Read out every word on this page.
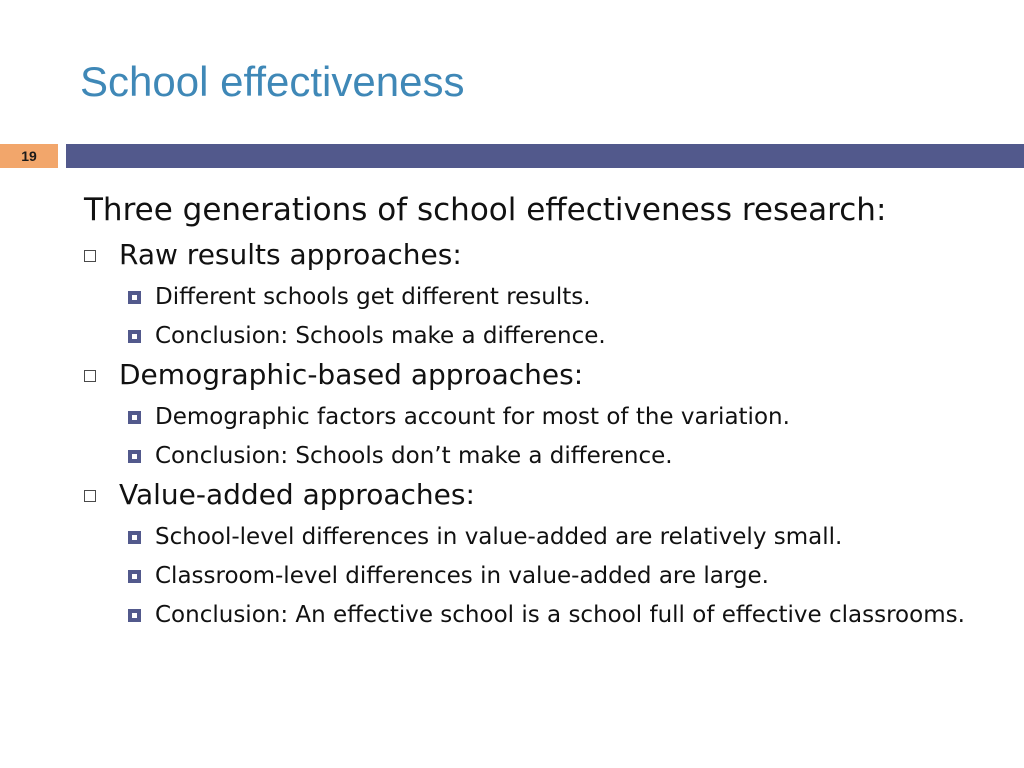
School effectiveness
19

Three generations of school effectiveness research:

Raw results approaches:
Different schools get different results.
Conclusion: Schools make a difference.
Demographic-based approaches:
Demographic factors account for most of the variation.
Conclusion: Schools don’t make a difference.
Value-added approaches:
School-level differences in value-added are relatively small.
Classroom-level differences in value-added are large.
Conclusion: An effective school is a school full of effective classrooms.
